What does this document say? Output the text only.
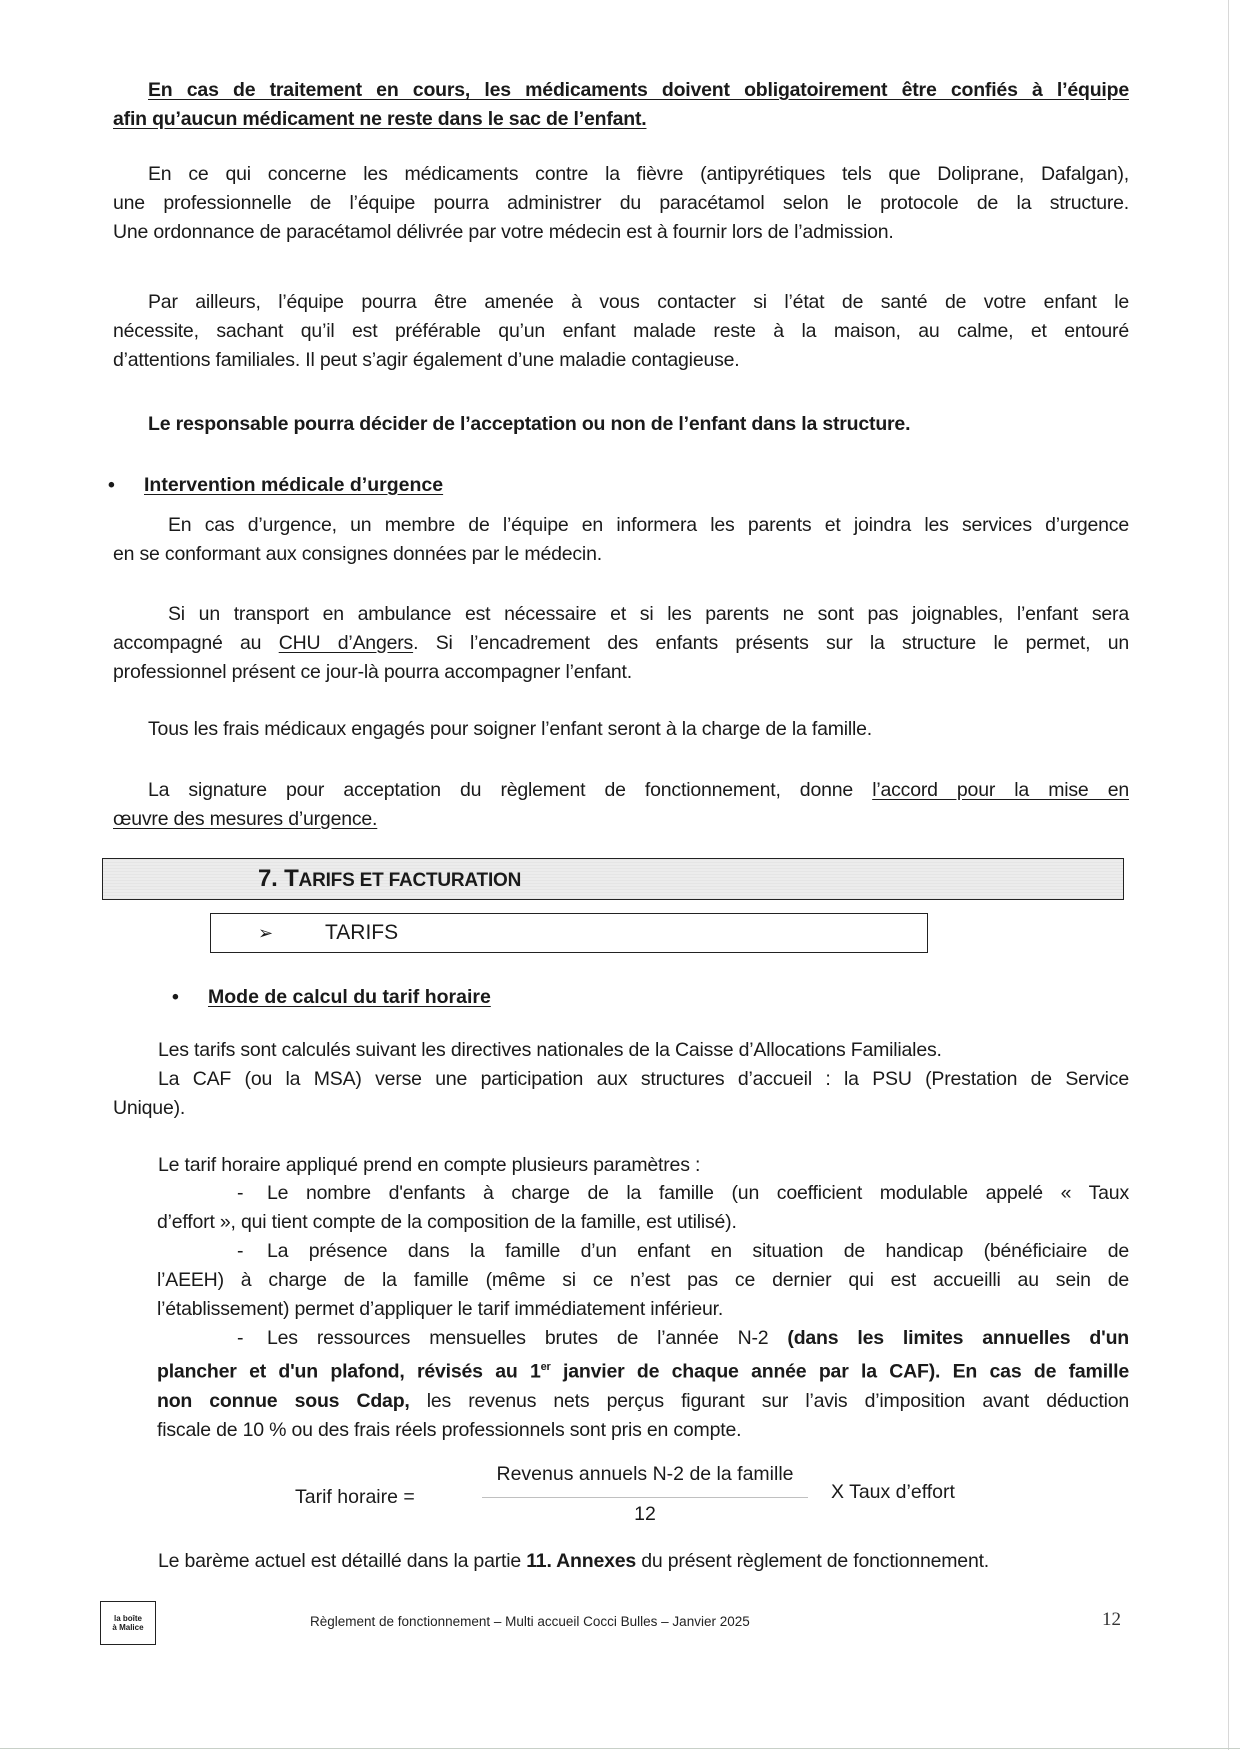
En cas de traitement en cours, les médicaments doivent obligatoirement être confiés à l’équipe
afin qu’aucun médicament ne reste dans le sac de l’enfant.
En ce qui concerne les médicaments contre la fièvre (antipyrétiques tels que Doliprane, Dafalgan),
une professionnelle de l’équipe pourra administrer du paracétamol selon le protocole de la structure.
Une ordonnance de paracétamol délivrée par votre médecin est à fournir lors de l’admission.
Par ailleurs, l’équipe pourra être amenée à vous contacter si l’état de santé de votre enfant le
nécessite, sachant qu’il est préférable qu’un enfant malade reste à la maison, au calme, et entouré
d’attentions familiales. Il peut s’agir également d’une maladie contagieuse.
Le responsable pourra décider de l’acceptation ou non de l’enfant dans la structure.
• Intervention médicale d’urgence
En cas d’urgence, un membre de l’équipe en informera les parents et joindra les services d’urgence
en se conformant aux consignes données par le médecin.
Si un transport en ambulance est nécessaire et si les parents ne sont pas joignables, l’enfant sera
accompagné au CHU d’Angers. Si l’encadrement des enfants présents sur la structure le permet, un
professionnel présent ce jour-là pourra accompagner l’enfant.
Tous les frais médicaux engagés pour soigner l’enfant seront à la charge de la famille.
La signature pour acceptation du règlement de fonctionnement, donne l’accord pour la mise en
œuvre des mesures d’urgence.
7. TARIFS ET FACTURATION
➢ TARIFS
• Mode de calcul du tarif horaire
Les tarifs sont calculés suivant les directives nationales de la Caisse d’Allocations Familiales.
La CAF (ou la MSA) verse une participation aux structures d’accueil : la PSU (Prestation de Service
Unique).
Le tarif horaire appliqué prend en compte plusieurs paramètres :
- Le nombre d'enfants à charge de la famille (un coefficient modulable appelé « Taux
d’effort », qui tient compte de la composition de la famille, est utilisé).
- La présence dans la famille d’un enfant en situation de handicap (bénéficiaire de
l’AEEH) à charge de la famille (même si ce n’est pas ce dernier qui est accueilli au sein de
l’établissement) permet d’appliquer le tarif immédiatement inférieur.
- Les ressources mensuelles brutes de l’année N-2 (dans les limites annuelles d'un
plancher et d'un plafond, révisés au 1er janvier de chaque année par la CAF). En cas de famille
non connue sous Cdap, les revenus nets perçus figurant sur l’avis d’imposition avant déduction
fiscale de 10 % ou des frais réels professionnels sont pris en compte.
Tarif horaire =
Revenus annuels N-2 de la famille
12
X Taux d’effort
Le barème actuel est détaillé dans la partie 11. Annexes du présent règlement de fonctionnement.
la boîte
à Malice	Règlement de fonctionnement – Multi accueil Cocci Bulles – Janvier 2025	12
